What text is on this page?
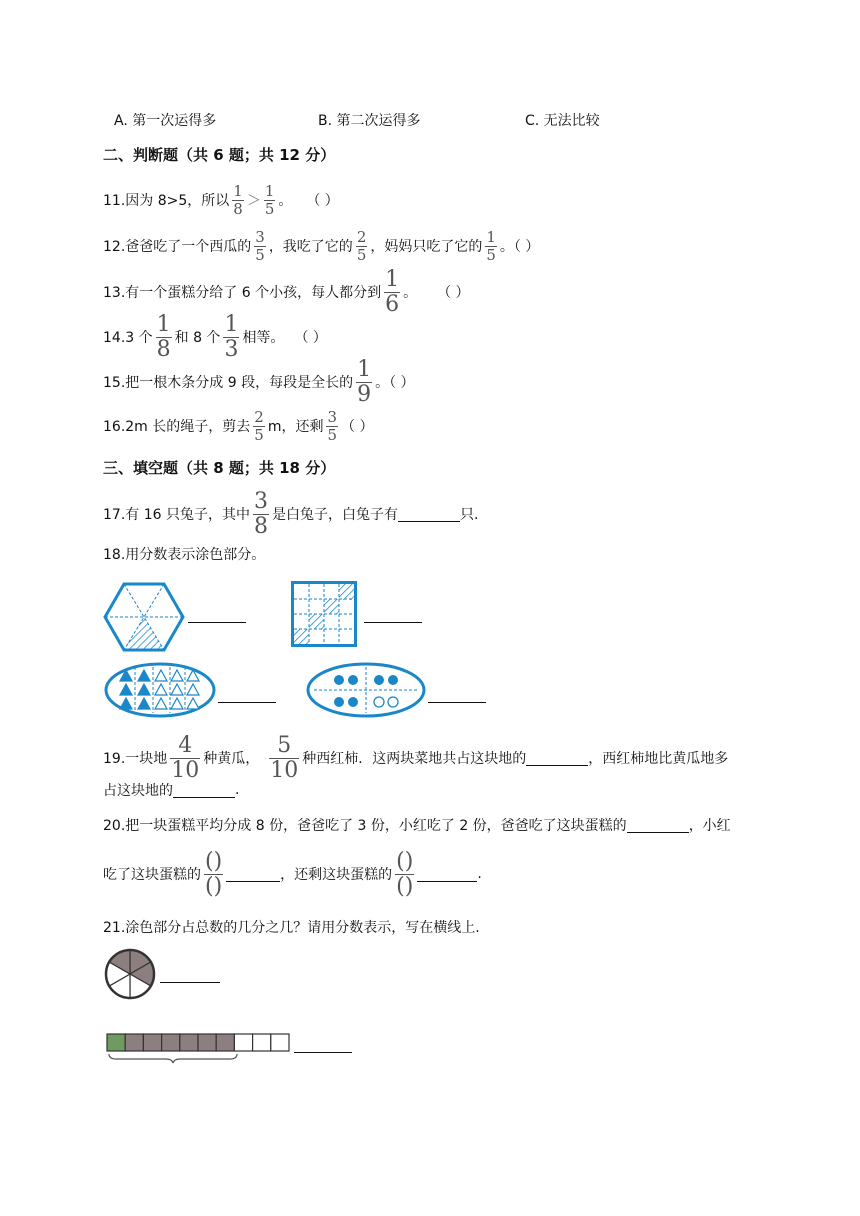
A. 第一次运得多	B. 第二次运得多	C. 无法比较
二、判断题（共 6 题；共 12 分）
11.因为 8>5，所以 $\frac{1}{8} > \frac{1}{5}$ 。 （ ）
12.爸爸吃了一个西瓜的 $\frac{3}{5}$ ，我吃了它的 $\frac{2}{5}$ ，妈妈只吃了它的 $\frac{1}{5}$ 。（ ）
13.有一个蛋糕分给了 6 个小孩，每人都分到 $\frac{1}{6}$ 。 （ ）
14.3 个 $\frac{1}{8}$ 和 8 个 $\frac{1}{3}$ 相等。 （ ）
15.把一根木条分成 9 段，每段是全长的 $\frac{1}{9}$ 。（ ）
16.2m 长的绳子，剪去 $\frac{2}{5}$ m，还剩 $\frac{3}{5}$ （ ）
三、填空题（共 8 题；共 18 分）
17.有 16 只兔子，其中 $\frac{3}{8}$ 是白兔子，白兔子有	只.
18.用分数表示涂色部分。
19.一块地 $\frac{4}{10}$ 种黄瓜， $\frac{5}{10}$ 种西红柿．这两块菜地共占这块地的	，西红柿地比黄瓜地多
占这块地的	.
20.把一块蛋糕平均分成 8 份，爸爸吃了 3 份，小红吃了 2 份，爸爸吃了这块蛋糕的	，小红
吃了这块蛋糕的 $\frac{()}{()}$	，还剩这块蛋糕的 $\frac{()}{()}$	.
21.涂色部分占总数的几分之几？请用分数表示，写在横线上.
